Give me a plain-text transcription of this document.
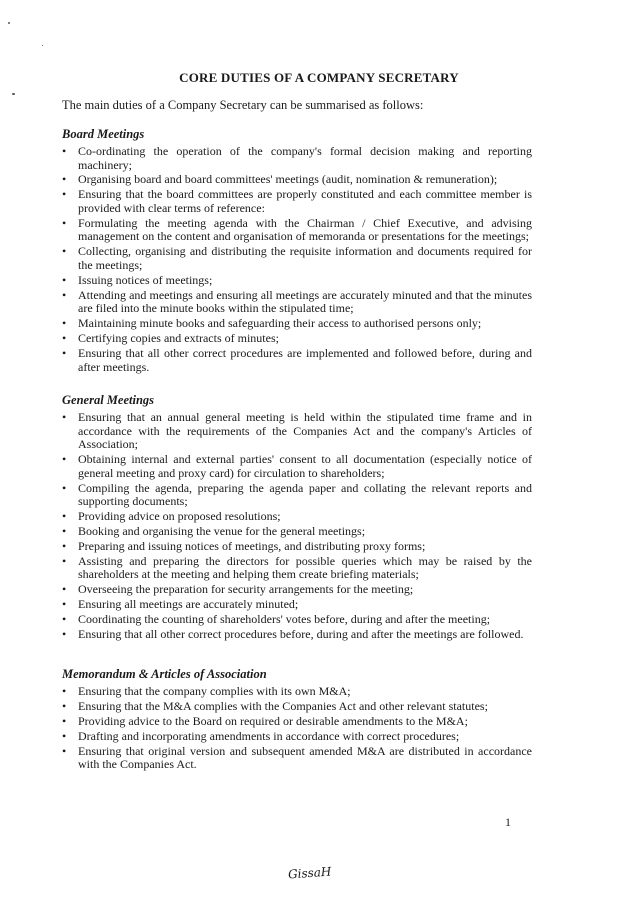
CORE DUTIES OF A COMPANY SECRETARY
The main duties of a Company Secretary can be summarised as follows:
Board Meetings
• Co-ordinating the operation of the company's formal decision making and reporting machinery;
• Organising board and board committees' meetings (audit, nomination & remuneration);
• Ensuring that the board committees are properly constituted and each committee member is provided with clear terms of reference:
• Formulating the meeting agenda with the Chairman / Chief Executive, and advising management on the content and organisation of memoranda or presentations for the meetings;
• Collecting, organising and distributing the requisite information and documents required for the meetings;
• Issuing notices of meetings;
• Attending and meetings and ensuring all meetings are accurately minuted and that the minutes are filed into the minute books within the stipulated time;
• Maintaining minute books and safeguarding their access to authorised persons only;
• Certifying copies and extracts of minutes;
• Ensuring that all other correct procedures are implemented and followed before, during and after meetings.
General Meetings
• Ensuring that an annual general meeting is held within the stipulated time frame and in accordance with the requirements of the Companies Act and the company's Articles of Association;
• Obtaining internal and external parties' consent to all documentation (especially notice of general meeting and proxy card) for circulation to shareholders;
• Compiling the agenda, preparing the agenda paper and collating the relevant reports and supporting documents;
• Providing advice on proposed resolutions;
• Booking and organising the venue for the general meetings;
• Preparing and issuing notices of meetings, and distributing proxy forms;
• Assisting and preparing the directors for possible queries which may be raised by the shareholders at the meeting and helping them create briefing materials;
• Overseeing the preparation for security arrangements for the meeting;
• Ensuring all meetings are accurately minuted;
• Coordinating the counting of shareholders' votes before, during and after the meeting;
• Ensuring that all other correct procedures before, during and after the meetings are followed.
Memorandum & Articles of Association
• Ensuring that the company complies with its own M&A;
• Ensuring that the M&A complies with the Companies Act and other relevant statutes;
• Providing advice to the Board on required or desirable amendments to the M&A;
• Drafting and incorporating amendments in accordance with correct procedures;
• Ensuring that original version and subsequent amended M&A are distributed in accordance with the Companies Act.
1
GissaH
